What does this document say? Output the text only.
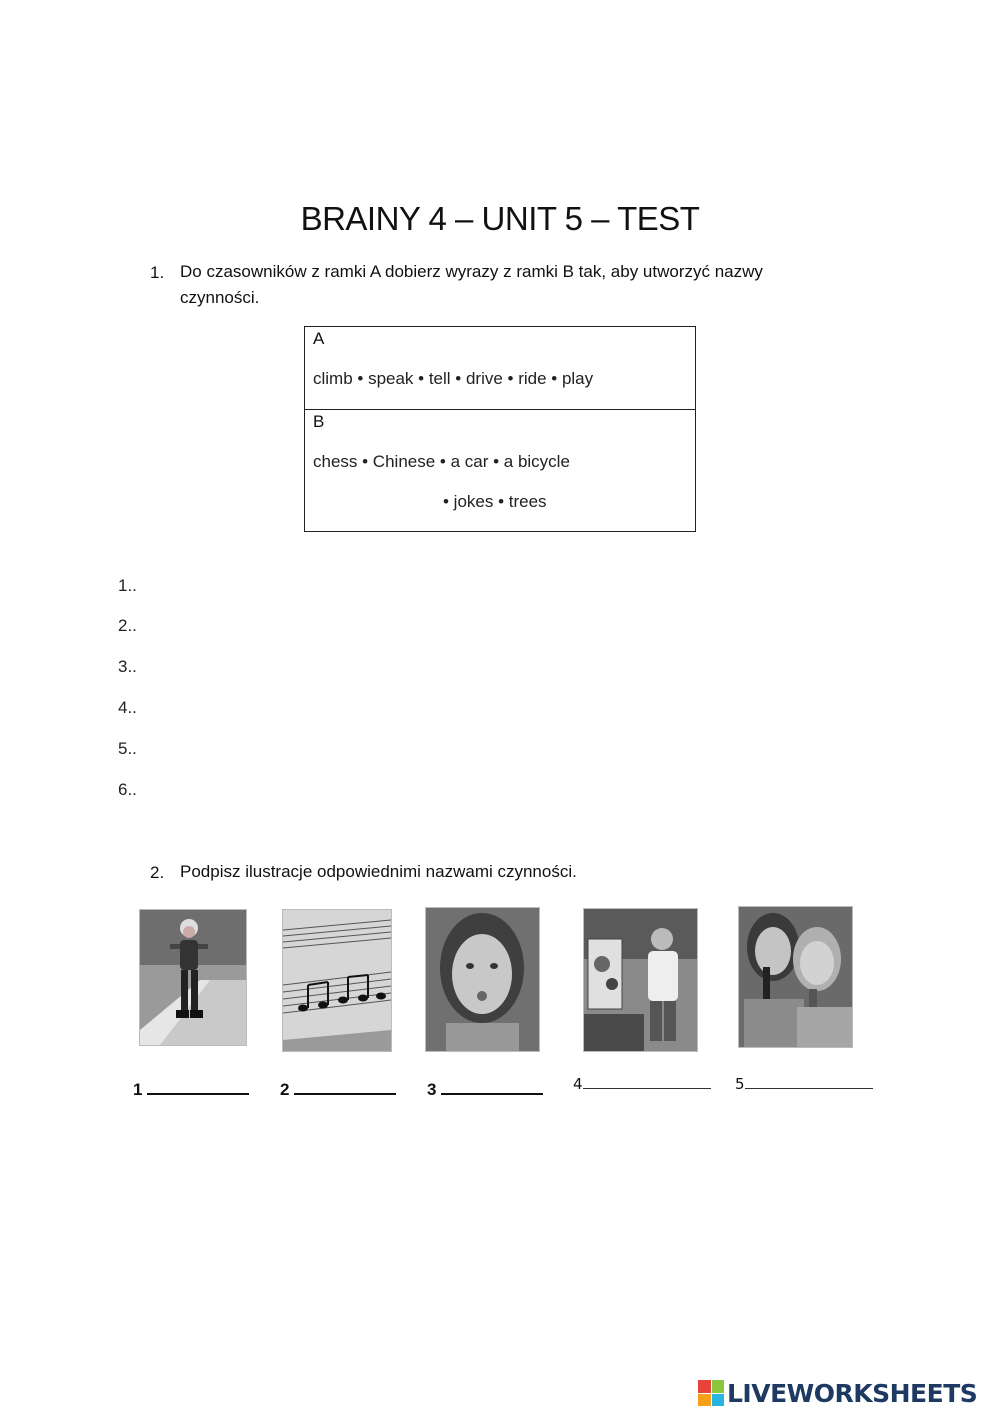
BRAINY 4 – UNIT 5 – TEST
1. Do czasowników z ramki A dobierz wyrazy z ramki B tak, aby utworzyć nazwy
czynności.
A
climb • speak • tell • drive • ride • play
B
chess • Chinese • a car • a bicycle
• jokes • trees
1..
2..
3..
4..
5..
6..
2. Podpisz ilustracje odpowiednimi nazwami czynności.
1	2	3	4	5
LIVEWORKSHEETS
